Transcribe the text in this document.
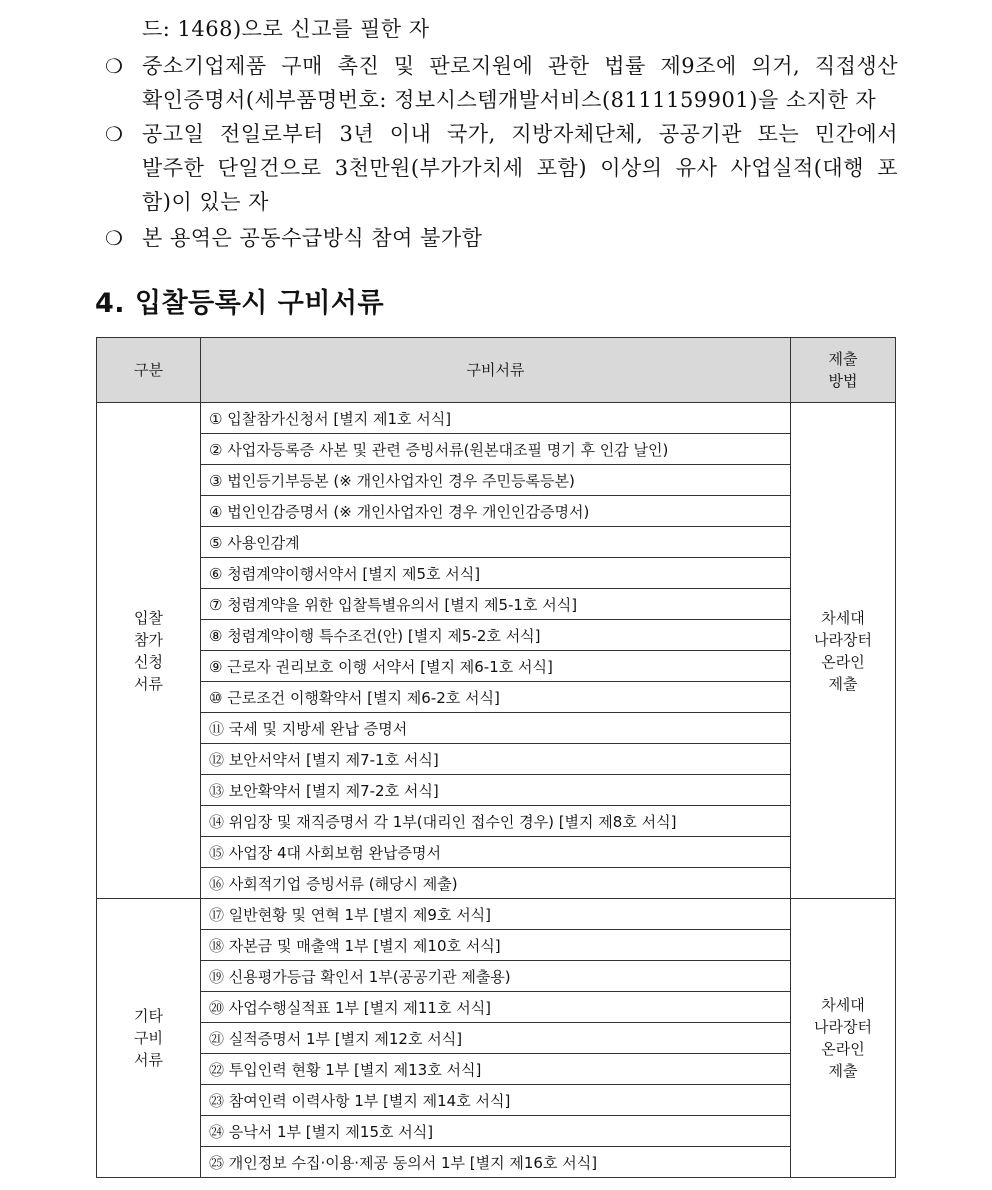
드: 1468)으로 신고를 필한 자
❍ 중소기업제품 구매 촉진 및 판로지원에 관한 법률 제9조에 의거, 직접생산
확인증명서(세부품명번호: 정보시스템개발서비스(8111159901)을 소지한 자
❍ 공고일 전일로부터 3년 이내 국가, 지방자체단체, 공공기관 또는 민간에서
발주한 단일건으로 3천만원(부가가치세 포함) 이상의 유사 사업실적(대행 포
함)이 있는 자
❍ 본 용역은 공동수급방식 참여 불가함
4. 입찰등록시 구비서류
구분	구비서류	제출
방법
입찰
참가
신청
서류	① 입찰참가신청서 [별지 제1호 서식]	차세대
나라장터
온라인
제출
	② 사업자등록증 사본 및 관련 증빙서류(원본대조필 명기 후 인감 날인)	
	③ 법인등기부등본 (※ 개인사업자인 경우 주민등록등본)	
	④ 법인인감증명서 (※ 개인사업자인 경우 개인인감증명서)	
	⑤ 사용인감계	
	⑥ 청렴계약이행서약서 [별지 제5호 서식]	
	⑦ 청렴계약을 위한 입찰특별유의서 [별지 제5-1호 서식]	
	⑧ 청렴계약이행 특수조건(안) [별지 제5-2호 서식]	
	⑨ 근로자 권리보호 이행 서약서 [별지 제6-1호 서식]	
	⑩ 근로조건 이행확약서 [별지 제6-2호 서식]	
	⑪ 국세 및 지방세 완납 증명서	
	⑫ 보안서약서 [별지 제7-1호 서식]	
	⑬ 보안확약서 [별지 제7-2호 서식]	
	⑭ 위임장 및 재직증명서 각 1부(대리인 접수인 경우) [별지 제8호 서식]	
	⑮ 사업장 4대 사회보험 완납증명서	
	⑯ 사회적기업 증빙서류 (해당시 제출)	
기타
구비
서류	⑰ 일반현황 및 연혁 1부 [별지 제9호 서식]	차세대
나라장터
온라인
제출
	⑱ 자본금 및 매출액 1부 [별지 제10호 서식]	
	⑲ 신용평가등급 확인서 1부(공공기관 제출용)	
	⑳ 사업수행실적표 1부 [별지 제11호 서식]	
	㉑ 실적증명서 1부 [별지 제12호 서식]	
	㉒ 투입인력 현황 1부 [별지 제13호 서식]	
	㉓ 참여인력 이력사항 1부 [별지 제14호 서식]	
	㉔ 응낙서 1부 [별지 제15호 서식]	
	㉕ 개인정보 수집·이용·제공 동의서 1부 [별지 제16호 서식]	
